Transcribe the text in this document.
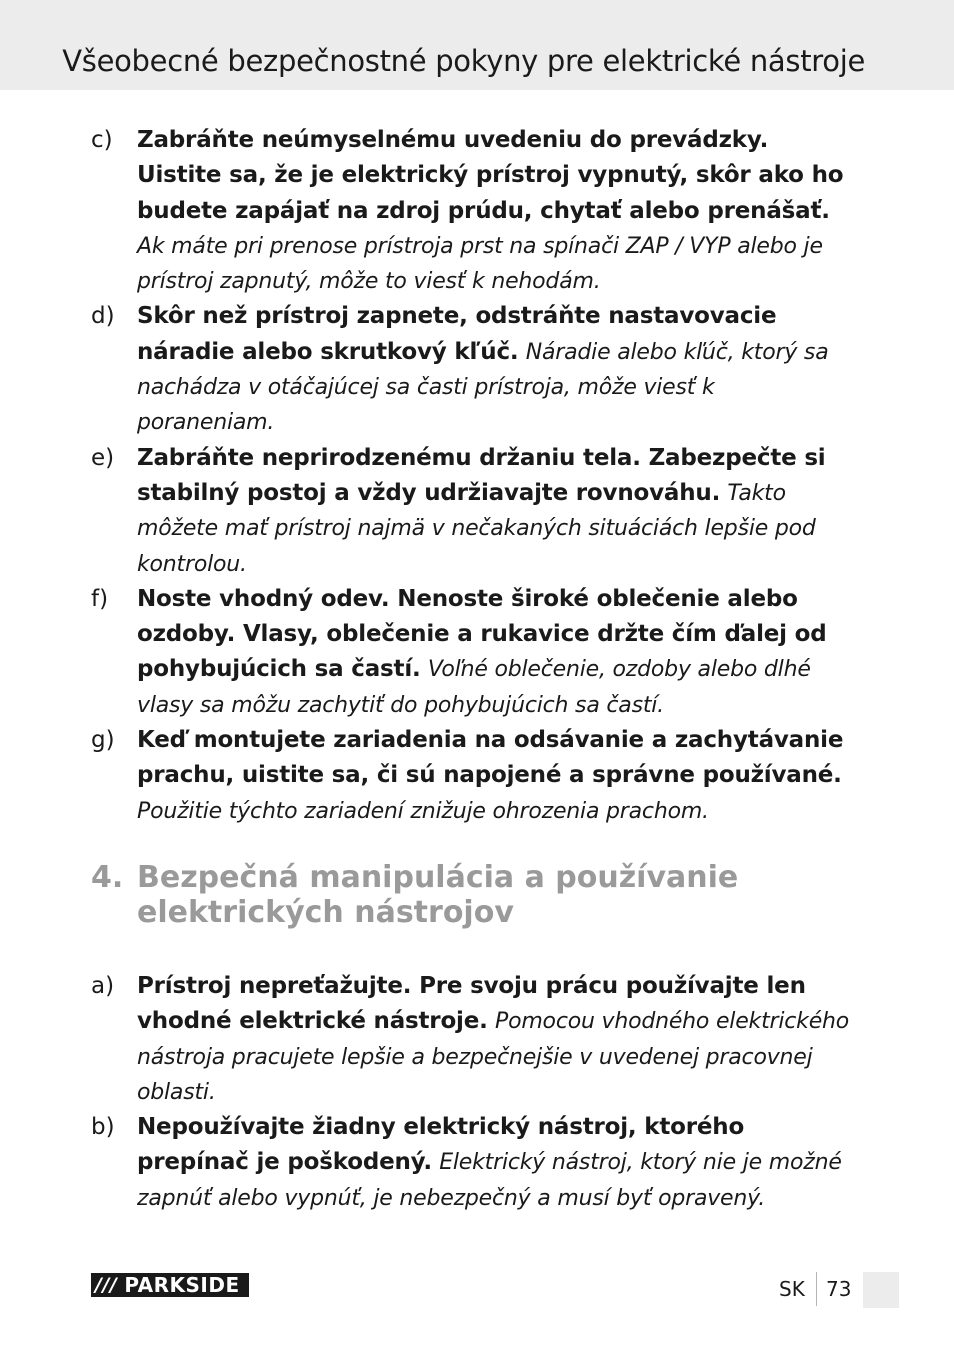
Všeobecné bezpečnostné pokyny pre elektrické nástroje
c) Zabráňte neúmyselnému uvedeniu do prevádzky. Uistite sa, že je elektrický prístroj vypnutý, skôr ako ho budete zapájať na zdroj prúdu, chytať alebo prenášať. Ak máte pri prenose prístroja prst na spínači ZAP / VYP alebo je prístroj zapnutý, môže to viesť k nehodám.
d) Skôr než prístroj zapnete, odstráňte nastavovacie náradie alebo skrutkový kľúč. Náradie alebo kľúč, ktorý sa nachádza v otáčajúcej sa časti prístroja, môže viesť k poraneniam.
e) Zabráňte neprirodzenému držaniu tela. Zabezpečte si stabilný postoj a vždy udržiavajte rovnováhu. Takto môžete mať prístroj najmä v nečakaných situáciách lepšie pod kontrolou.
f) Noste vhodný odev. Nenoste široké oblečenie alebo ozdoby. Vlasy, oblečenie a rukavice držte čím ďalej od pohybujúcich sa častí. Voľné oblečenie, ozdoby alebo dlhé vlasy sa môžu zachytiť do pohybujúcich sa častí.
g) Keď montujete zariadenia na odsávanie a zachytávanie prachu, uistite sa, či sú napojené a správne používané. Použitie týchto zariadení znižuje ohrozenia prachom.
4. Bezpečná manipulácia a používanie elektrických nástrojov
a) Prístroj nepreťažujte. Pre svoju prácu používajte len vhodné elektrické nástroje. Pomocou vhodného elektrického nástroja pracujete lepšie a bezpečnejšie v uvedenej pracovnej oblasti.
b) Nepoužívajte žiadny elektrický nástroj, ktorého prepínač je poškodený. Elektrický nástroj, ktorý nie je možné zapnúť alebo vypnúť, je nebezpečný a musí byť opravený.
/// PARKSIDE	SK 73
